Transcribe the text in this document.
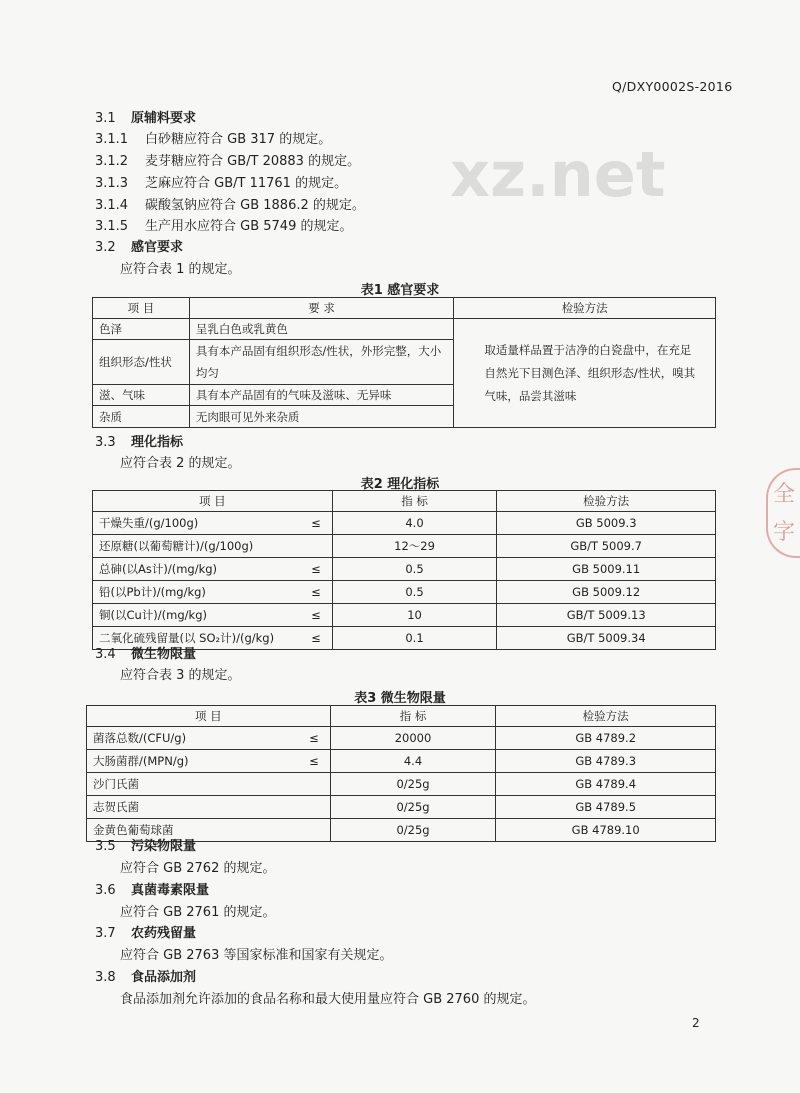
xz.net
全
字
Q/DXY0002S-2016
3.1 原辅料要求
3.1.1 白砂糖应符合 GB 317 的规定。
3.1.2 麦芽糖应符合 GB/T 20883 的规定。
3.1.3 芝麻应符合 GB/T 11761 的规定。
3.1.4 碳酸氢钠应符合 GB 1886.2 的规定。
3.1.5 生产用水应符合 GB 5749 的规定。
3.2 感官要求
应符合表 1 的规定。
表1 感官要求
项 目	要 求	检验方法
色泽	呈乳白色或乳黄色	取适量样品置于洁净的白瓷盘中，在充足自然光下目测色泽、组织形态/性状，嗅其气味，品尝其滋味
组织形态/性状	具有本产品固有组织形态/性状，外形完整，大小均匀	
滋、气味	具有本产品固有的气味及滋味、无异味	
杂质	无肉眼可见外来杂质	
3.3 理化指标
应符合表 2 的规定。
表2 理化指标
项 目		指 标	检验方法
干燥失重/(g/100g)	≤	4.0	GB 5009.3
还原糖(以葡萄糖计)/(g/100g)		12～29	GB/T 5009.7
总砷(以As计)/(mg/kg)	≤	0.5	GB 5009.11
铅(以Pb计)/(mg/kg)	≤	0.5	GB 5009.12
铜(以Cu计)/(mg/kg)	≤	10	GB/T 5009.13
二氧化硫残留量(以 SO₂计)/(g/kg)	≤	0.1	GB/T 5009.34
3.4 微生物限量
应符合表 3 的规定。
表3 微生物限量
项 目		指 标	检验方法
菌落总数/(CFU/g)	≤	20000	GB 4789.2
大肠菌群/(MPN/g)	≤	4.4	GB 4789.3
沙门氏菌		0/25g	GB 4789.4
志贺氏菌		0/25g	GB 4789.5
金黄色葡萄球菌		0/25g	GB 4789.10
3.5 污染物限量
应符合 GB 2762 的规定。
3.6 真菌毒素限量
应符合 GB 2761 的规定。
3.7 农药残留量
应符合 GB 2763 等国家标准和国家有关规定。
3.8 食品添加剂
食品添加剂允许添加的食品名称和最大使用量应符合 GB 2760 的规定。
2
